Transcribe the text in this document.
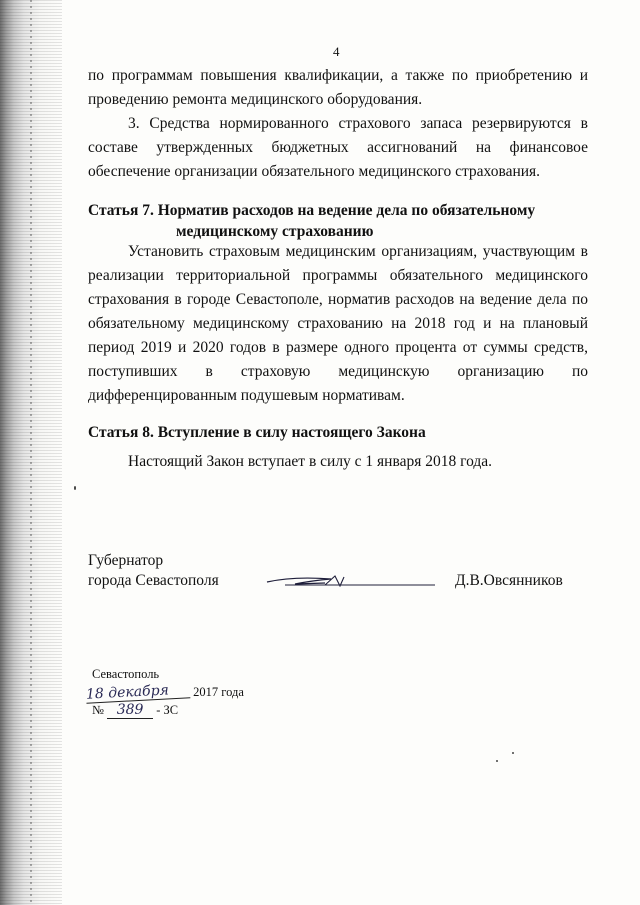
4

по программам повышения квалификации, а также по приобретению и проведению ремонта медицинского оборудования.

3. Средства нормированного страхового запаса резервируются в составе утвержденных бюджетных ассигнований на финансовое обеспечение организации обязательного медицинского страхования.

Статья 7. Норматив расходов на ведение дела по обязательному
медицинскому страхованию

Установить страховым медицинским организациям, участвующим в реализации территориальной программы обязательного медицинского страхования в городе Севастополе, норматив расходов на ведение дела по обязательному медицинскому страхованию на 2018 год и на плановый период 2019 и 2020 годов в размере одного процента от суммы средств, поступивших в страховую медицинскую организацию по дифференцированным подушевым нормативам.

Статья 8. Вступление в силу настоящего Закона

Настоящий Закон вступает в силу с 1 января 2018 года.

Губернатор
города Севастополя	Д.В.Овсянников
Севастополь
18 декабря 2017 года
№ 389 - ЗС
